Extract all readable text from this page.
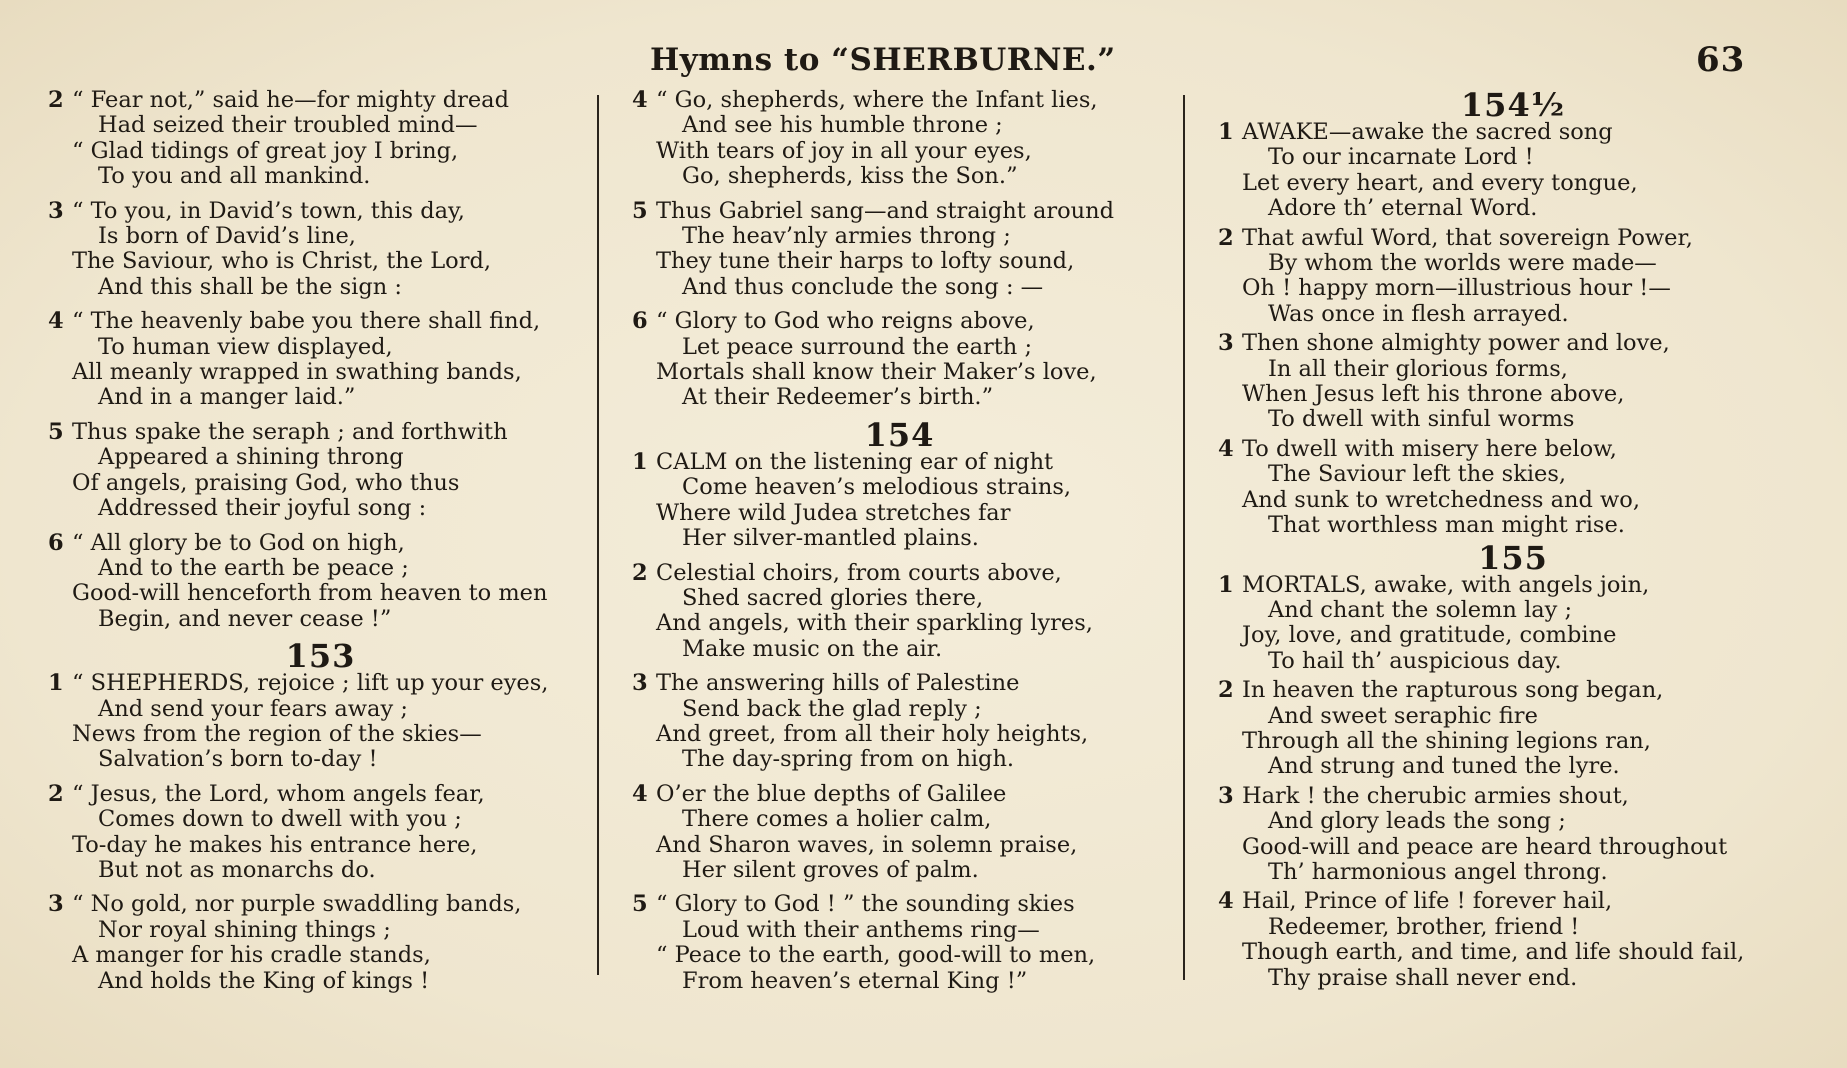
Hymns to “SHERBURNE.”	63
2 “ Fear not,” said he—for mighty dread
Had seized their troubled mind—
“ Glad tidings of great joy I bring,
To you and all mankind.
3 “ To you, in David’s town, this day,
Is born of David’s line,
The Saviour, who is Christ, the Lord,
And this shall be the sign :
4 “ The heavenly babe you there shall find,
To human view displayed,
All meanly wrapped in swathing bands,
And in a manger laid.”
5 Thus spake the seraph ; and forthwith
Appeared a shining throng
Of angels, praising God, who thus
Addressed their joyful song :
6 “ All glory be to God on high,
And to the earth be peace ;
Good-will henceforth from heaven to men
Begin, and never cease !”
153
1 “ SHEPHERDS, rejoice ; lift up your eyes,
And send your fears away ;
News from the region of the skies—
Salvation’s born to-day !
2 “ Jesus, the Lord, whom angels fear,
Comes down to dwell with you ;
To-day he makes his entrance here,
But not as monarchs do.
3 “ No gold, nor purple swaddling bands,
Nor royal shining things ;
A manger for his cradle stands,
And holds the King of kings !
4 “ Go, shepherds, where the Infant lies,
And see his humble throne ;
With tears of joy in all your eyes,
Go, shepherds, kiss the Son.”
5 Thus Gabriel sang—and straight around
The heav’nly armies throng ;
They tune their harps to lofty sound,
And thus conclude the song : —
6 “ Glory to God who reigns above,
Let peace surround the earth ;
Mortals shall know their Maker’s love,
At their Redeemer’s birth.”
154
1 CALM on the listening ear of night
Come heaven’s melodious strains,
Where wild Judea stretches far
Her silver-mantled plains.
2 Celestial choirs, from courts above,
Shed sacred glories there,
And angels, with their sparkling lyres,
Make music on the air.
3 The answering hills of Palestine
Send back the glad reply ;
And greet, from all their holy heights,
The day-spring from on high.
4 O’er the blue depths of Galilee
There comes a holier calm,
And Sharon waves, in solemn praise,
Her silent groves of palm.
5 “ Glory to God ! ” the sounding skies
Loud with their anthems ring—
“ Peace to the earth, good-will to men,
From heaven’s eternal King !”
154½
1 AWAKE—awake the sacred song
To our incarnate Lord !
Let every heart, and every tongue,
Adore th’ eternal Word.
2 That awful Word, that sovereign Power,
By whom the worlds were made—
Oh ! happy morn—illustrious hour !—
Was once in flesh arrayed.
3 Then shone almighty power and love,
In all their glorious forms,
When Jesus left his throne above,
To dwell with sinful worms
4 To dwell with misery here below,
The Saviour left the skies,
And sunk to wretchedness and wo,
That worthless man might rise.
155
1 MORTALS, awake, with angels join,
And chant the solemn lay ;
Joy, love, and gratitude, combine
To hail th’ auspicious day.
2 In heaven the rapturous song began,
And sweet seraphic fire
Through all the shining legions ran,
And strung and tuned the lyre.
3 Hark ! the cherubic armies shout,
And glory leads the song ;
Good-will and peace are heard throughout
Th’ harmonious angel throng.
4 Hail, Prince of life ! forever hail,
Redeemer, brother, friend !
Though earth, and time, and life should fail,
Thy praise shall never end.
